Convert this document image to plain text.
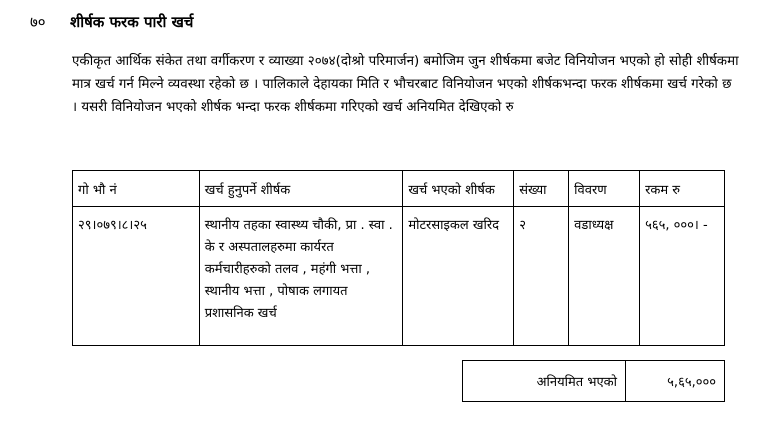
७०	शीर्षक फरक पारी खर्च

एकीकृत आर्थिक संकेत तथा वर्गीकरण र व्याख्या २०७४(दोश्रो परिमार्जन) बमोजिम जुन शीर्षकमा बजेट विनियोजन भएको हो सोही शीर्षकमा मात्र खर्च गर्न मिल्ने व्यवस्था रहेको छ । पालिकाले देहायका मिति र भौचरबाट विनियोजन भएको शीर्षकभन्दा फरक शीर्षकमा खर्च गरेको छ । यसरी विनियोजन भएको शीर्षक भन्दा फरक शीर्षकमा गरिएको खर्च अनियमित देखिएको रु

गो भौ नं	खर्च हुनुपर्ने शीर्षक	खर्च भएको शीर्षक	संख्या	विवरण	रकम रु
२९।०७९।८।२५	स्थानीय तहका स्वास्थ्य चौकी, प्रा . स्वा . के र अस्पतालहरुमा कार्यरत कर्मचारीहरुको तलव , महंगी भत्ता , स्थानीय भत्ता , पोषाक लगायत प्रशासनिक खर्च	मोटरसाइकल खरिद	२	वडाध्यक्ष	५६५, ०००। -
अनियमित भएको	५,६५,०००
